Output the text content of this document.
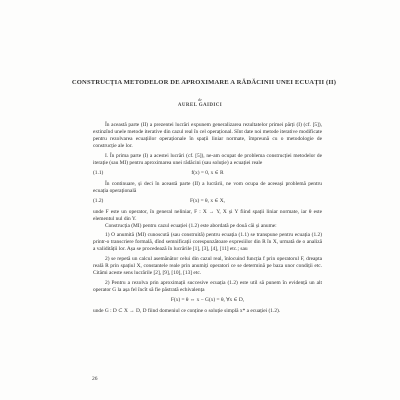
CONSTRUCȚIA METODELOR DE APROXIMARE A RĂDĂCINII UNEI ECUAȚII (II)
de
AUREL GAIDICI

În această parte (II) a prezentei lucrări expunem generalizarea rezultatelor primei părți (I) (cf. [5]), extinzînd unele metode iterative din cazul real în cel operațional. Sînt date noi metode iterative modificate pentru rezolvarea ecuațiilor operaționale în spații liniar normate, împreună cu o metodologie de construcție ale lor.

I. În prima parte (I) a acestei lucrări (cf. [5]), ne-am ocupat de problema construcției metodelor de iterație (sau MI) pentru aproximarea unei rădăcini (sau soluție) a ecuației reale

(1.1)	f(x) = 0, x ∈ R

În continuare, și deci în această parte (II) a lucrării, ne vom ocupa de aceeași problemă pentru ecuația operațională

(1.2)	F(x) = θ, x ∈ X,

unde F este un operator, în general neliniar, F : X → Y, X și Y fiind spații liniar normate, iar θ este elementul nul din Y.

Construcția (MI) pentru cazul ecuației (1.2) este abordată pe două căi și anume:

1) O anumită (MI) cunoscută (sau construită) pentru ecuația (1.1) se transpune pentru ecuația (1.2) printr-o transcriere formală, dînd semnificații corespunzătoare expresiilor din R în X, urmată de o analiză a validității lor. Așa se procedează în lucrările [1], [3], [4], [11] etc.; sau

2) se repetă un calcul asemănător celui din cazul real, înlocuind funcția f prin operatorul F, dreapta reală R prin spațiul X, constantele reale prin anumiți operatori ce se determină pe baza unor condiții etc. Citămi aceste sens lucrările [2], [9], [10], [13] etc.

2) Pentru a rezolva prin aproximații succesive ecuația (1.2) este util să punem în evidență un alt operator G la așa fel încît să fie păstrată echivalența

F(x) = θ ⇔ x − G(x) = θ, ∀x ∈ D,

unde G : D ⊂ X → D, D fiind domeniul ce conține o soluție simplă x* a ecuației (1.2).

26
